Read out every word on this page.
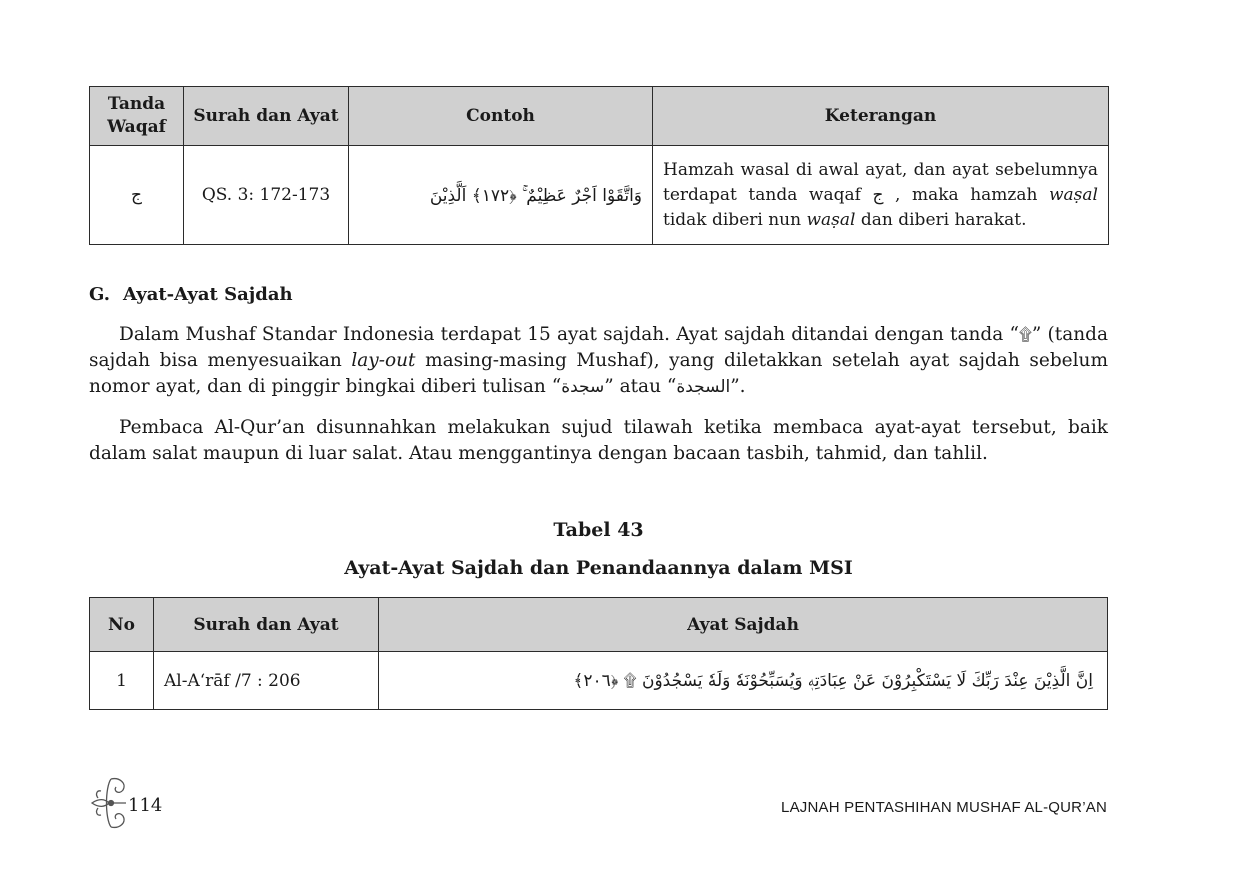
Tanda Waqaf	Surah dan Ayat	Contoh	Keterangan
ج	QS. 3: 172-173	وَاتَّقَوْا اَجْرٌ عَظِيْمٌ ۚ ﴿١٧٢﴾ اَلَّذِيْنَ	Hamzah wasal di awal ayat, dan ayat sebelumnya terdapat tanda waqaf ج , maka hamzah waṣal tidak diberi nun waṣal dan diberi harakat.
G. Ayat-Ayat Sajdah

Dalam Mushaf Standar Indonesia terdapat 15 ayat sajdah. Ayat sajdah ditandai dengan tanda “۩” (tanda sajdah bisa menyesuaikan lay-out masing-masing Mushaf), yang diletakkan setelah ayat sajdah sebelum nomor ayat, dan di pinggir bingkai diberi tulisan “سجدة” atau “السجدة”.

Pembaca Al-Qur’an disunnahkan melakukan sujud tilawah ketika membaca ayat-ayat tersebut, baik dalam salat maupun di luar salat. Atau menggantinya dengan bacaan tasbih, tahmid, dan tahlil.

Tabel 43
Ayat-Ayat Sajdah dan Penandaannya dalam MSI
No	Surah dan Ayat	Ayat Sajdah
1	Al-A‘rāf /7 : 206	اِنَّ الَّذِيْنَ عِنْدَ رَبِّكَ لَا يَسْتَكْبِرُوْنَ عَنْ عِبَادَتِهٖ وَيُسَبِّحُوْنَهٗ وَلَهٗ يَسْجُدُوْنَ ۩ ﴿٢٠٦﴾
114	LAJNAH PENTASHIHAN MUSHAF AL-QUR’AN
